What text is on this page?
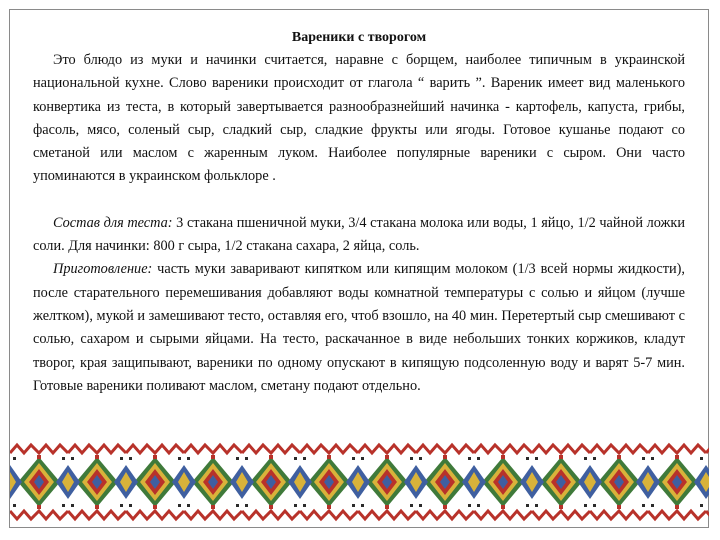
Вареники с творогом

Это блюдо из муки и начинки считается, наравне с борщем, наиболее типичным в украинской национальной кухне. Слово вареники происходит от глагола “ варить ”. Вареник имеет вид маленького конвертика из теста, в который завертывается разнообразнейший начинка - картофель, капуста, грибы, фасоль, мясо, соленый сыр, сладкий сыр, сладкие фрукты или ягоды. Готовое кушанье подают со сметаной или маслом с жаренным луком. Наиболее популярные вареники с сыром. Они часто упоминаются в украинском фольклоре .

Состав для теста: 3 стакана пшеничной муки, 3/4 стакана молока или воды, 1 яйцо, 1/2 чайной ложки соли. Для начинки: 800 г сыра, 1/2 стакана сахара, 2 яйца, соль.

Приготовление: часть муки заваривают кипятком или кипящим молоком (1/3 всей нормы жидкости), после старательного перемешивания добавляют воды комнатной температуры с солью и яйцом (лучше желтком), мукой и замешивают тесто, оставляя его, чтоб взошло, на 40 мин. Перетертый сыр смешивают с солью, сахаром и сырыми яйцами. На тесто, раскачанное в виде небольших тонких коржиков, кладут творог, края защипывают, вареники по одному опускают в кипящую подсоленную воду и варят 5-7 мин. Готовые вареники поливают маслом, сметану подают отдельно.
